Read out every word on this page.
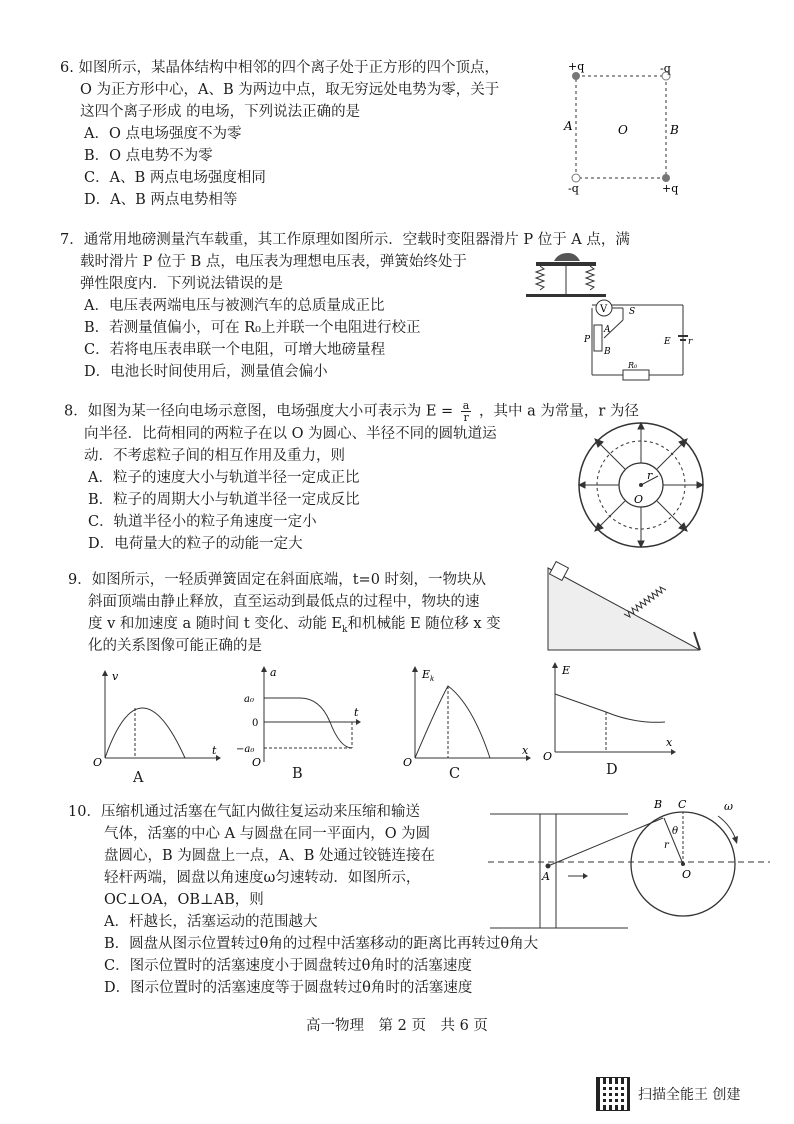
6. 如图所示，某晶体结构中相邻的四个离子处于正方形的四个顶点，
O 为正方形中心，A、B 为两边中点，取无穷远处电势为零，关于
这四个离子形成 的电场，下列说法正确的是
A．O 点电场强度不为零
B．O 点电势不为零
C．A、B 两点电场强度相同
D．A、B 两点电势相等
+q	-q
-q	+q
A	O	B
7．通常用地磅测量汽车载重，其工作原理如图所示．空载时变阻器滑片 P 位于 A 点，满
载时滑片 P 位于 B 点，电压表为理想电压表，弹簧始终处于
弹性限度内．下列说法错误的是
A．电压表两端电压与被测汽车的总质量成正比
B．若测量值偏小，可在 R₀上并联一个电阻进行校正
C．若将电压表串联一个电阻，可增大地磅量程
D．电池长时间使用后，测量值会偏小
V S
A
P
B
E r
R₀
8．如图为某一径向电场示意图，电场强度大小可表示为 $E = \frac{a}{r}$ ，其中 a 为常量，r 为径
向半径．比荷相同的两粒子在以 O 为圆心、半径不同的圆轨道运
动．不考虑粒子间的相互作用及重力，则
A．粒子的速度大小与轨道半径一定成正比
B．粒子的周期大小与轨道半径一定成反比
C．轨道半径小的粒子角速度一定小
D．电荷量大的粒子的动能一定大
r
O
9．如图所示，一轻质弹簧固定在斜面底端，t=0 时刻，一物块从
斜面顶端由静止释放，直至运动到最低点的过程中，物块的速
度 v 和加速度 a 随时间 t 变化、动能 $E_k$和机械能 E 随位移 x 变
化的关系图像可能正确的是
v
t
O
A
a
t
a₀
0
−a₀
O
B
E k
x
O
C
E
x
O
D
10．压缩机通过活塞在气缸内做往复运动来压缩和输送
气体，活塞的中心 A 与圆盘在同一平面内，O 为圆
盘圆心，B 为圆盘上一点，A、B 处通过铰链连接在
轻杆两端，圆盘以角速度ω匀速转动．如图所示，
OC⊥OA，OB⊥AB，则
A．杆越长，活塞运动的范围越大
B．圆盘从图示位置转过θ角的过程中活塞移动的距离比再转过θ角大
C．图示位置时的活塞速度小于圆盘转过θ角时的活塞速度
D．图示位置时的活塞速度等于圆盘转过θ角时的活塞速度
B C	ω
θ
r
A	O
高一物理　第 2 页　共 6 页
扫描全能王 创建
